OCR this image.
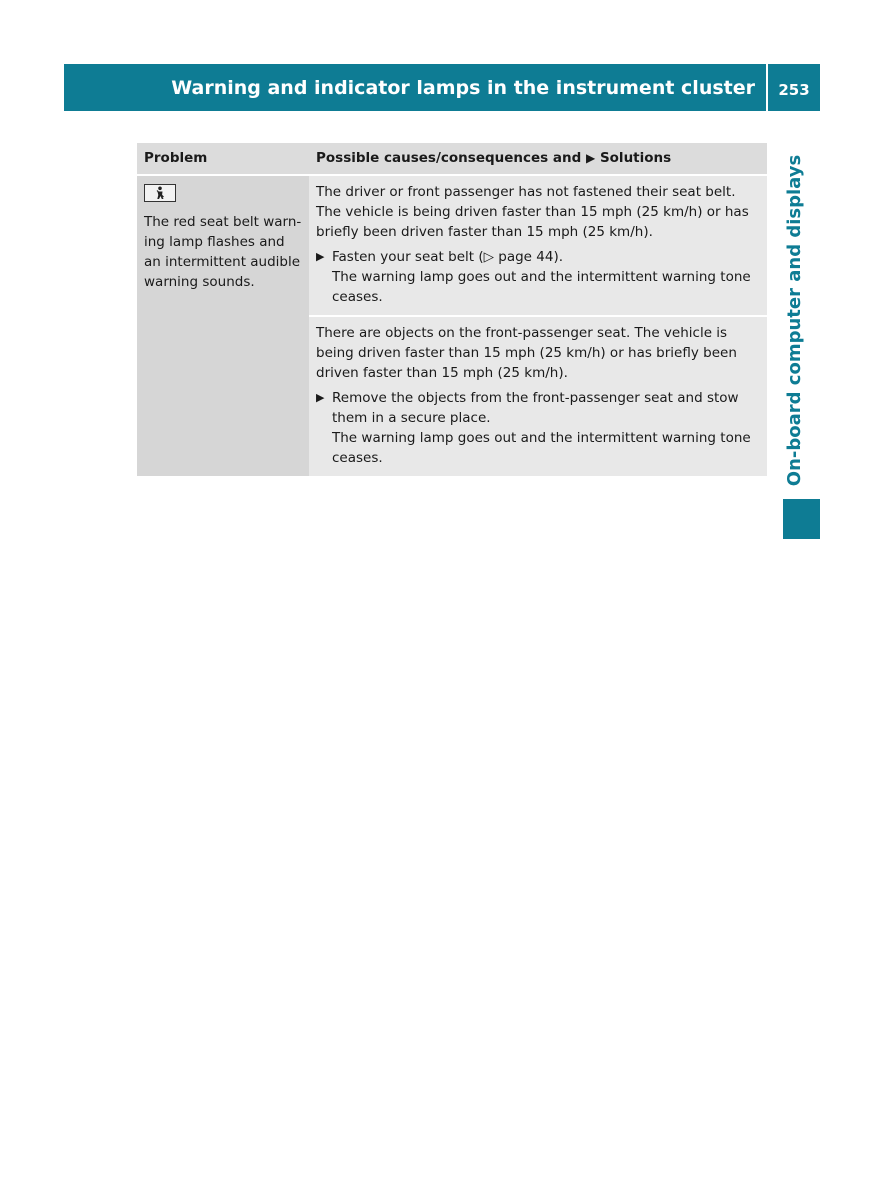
Warning and indicator lamps in the instrument cluster 253
On-board computer and displays
Problem	Possible causes/consequences and ▶ Solutions

The red seat belt warn-ing lamp flashes and an intermittent audible warning sounds.	The driver or front passenger has not fastened their seat belt. The vehicle is being driven faster than 15 mph (25 km/h) or has briefly been driven faster than 15 mph (25 km/h).

▶ Fasten your seat belt (▷ page 44).

The warning lamp goes out and the intermittent warning tone ceases.

	There are objects on the front-passenger seat. The vehicle is being driven faster than 15 mph (25 km/h) or has briefly been driven faster than 15 mph (25 km/h).

▶ Remove the objects from the front-passenger seat and stow them in a secure place.

The warning lamp goes out and the intermittent warning tone ceases.
